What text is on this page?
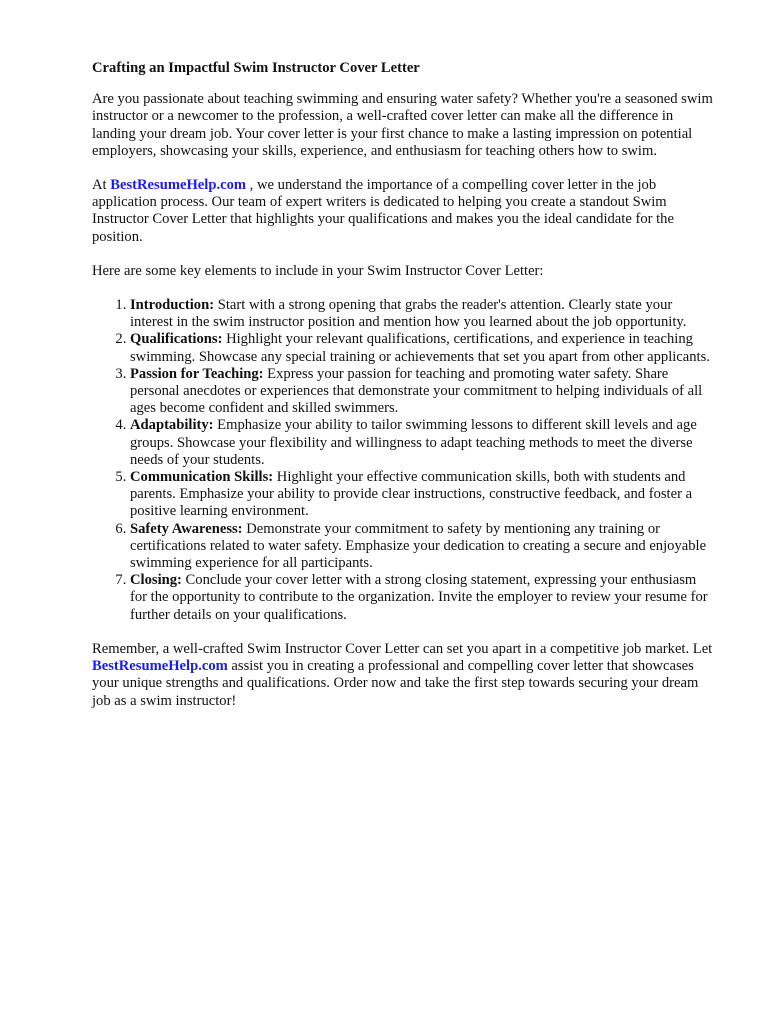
Crafting an Impactful Swim Instructor Cover Letter

Are you passionate about teaching swimming and ensuring water safety? Whether you're a seasoned swim instructor or a newcomer to the profession, a well-crafted cover letter can make all the difference in landing your dream job. Your cover letter is your first chance to make a lasting impression on potential employers, showcasing your skills, experience, and enthusiasm for teaching others how to swim.

At BestResumeHelp.com , we understand the importance of a compelling cover letter in the job application process. Our team of expert writers is dedicated to helping you create a standout Swim Instructor Cover Letter that highlights your qualifications and makes you the ideal candidate for the position.

Here are some key elements to include in your Swim Instructor Cover Letter:

1. Introduction: Start with a strong opening that grabs the reader's attention. Clearly state your interest in the swim instructor position and mention how you learned about the job opportunity.
2. Qualifications: Highlight your relevant qualifications, certifications, and experience in teaching swimming. Showcase any special training or achievements that set you apart from other applicants.
3. Passion for Teaching: Express your passion for teaching and promoting water safety. Share personal anecdotes or experiences that demonstrate your commitment to helping individuals of all ages become confident and skilled swimmers.
4. Adaptability: Emphasize your ability to tailor swimming lessons to different skill levels and age groups. Showcase your flexibility and willingness to adapt teaching methods to meet the diverse needs of your students.
5. Communication Skills: Highlight your effective communication skills, both with students and parents. Emphasize your ability to provide clear instructions, constructive feedback, and foster a positive learning environment.
6. Safety Awareness: Demonstrate your commitment to safety by mentioning any training or certifications related to water safety. Emphasize your dedication to creating a secure and enjoyable swimming experience for all participants.
7. Closing: Conclude your cover letter with a strong closing statement, expressing your enthusiasm for the opportunity to contribute to the organization. Invite the employer to review your resume for further details on your qualifications.

Remember, a well-crafted Swim Instructor Cover Letter can set you apart in a competitive job market. Let BestResumeHelp.com assist you in creating a professional and compelling cover letter that showcases your unique strengths and qualifications. Order now and take the first step towards securing your dream job as a swim instructor!
